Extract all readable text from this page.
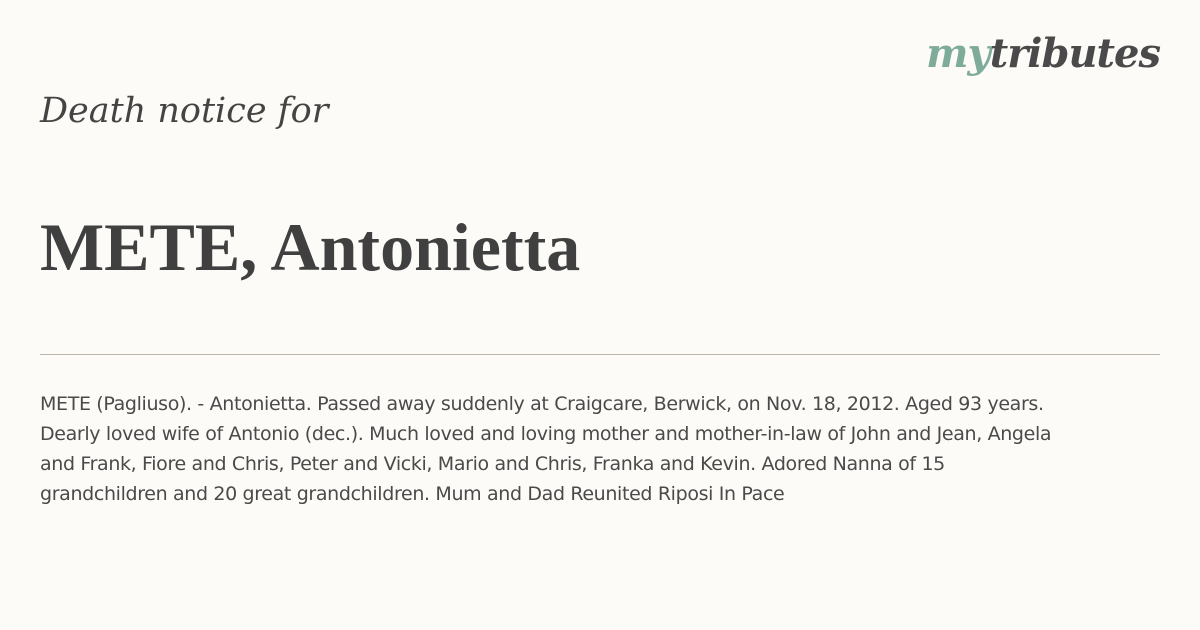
mytributes
Death notice for
METE, Antonietta
METE (Pagliuso). - Antonietta. Passed away suddenly at Craigcare, Berwick, on Nov. 18, 2012. Aged 93 years.
Dearly loved wife of Antonio (dec.). Much loved and loving mother and mother-in-law of John and Jean, Angela
and Frank, Fiore and Chris, Peter and Vicki, Mario and Chris, Franka and Kevin. Adored Nanna of 15
grandchildren and 20 great grandchildren. Mum and Dad Reunited Riposi In Pace
